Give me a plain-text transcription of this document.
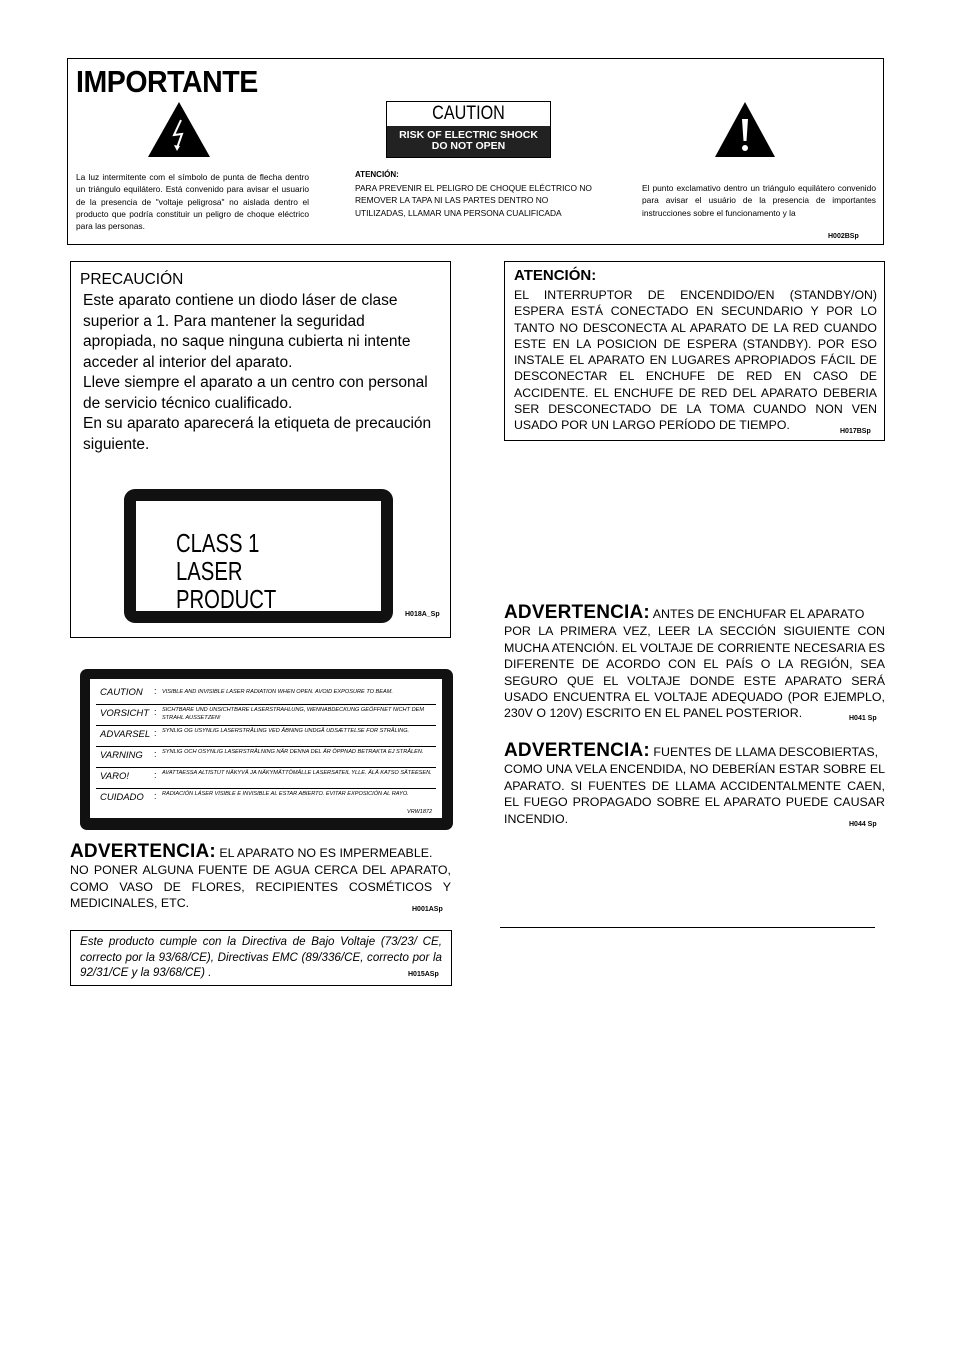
IMPORTANTE
CAUTION
RISK OF ELECTRIC SHOCK
DO NOT OPEN
La luz intermitente com el símbolo de punta de flecha dentro un triángulo equilátero. Está convenido para avisar el usuario de la presencia de "voltaje peligrosa" no aislada dentro el producto que podría constituir un peligro de choque eléctrico para las personas.
ATENCIÓN:
PARA PREVENIR EL PELIGRO DE CHOQUE ELÉCTRICO NO REMOVER LA TAPA NI LAS PARTES DENTRO NO UTILIZADAS, LLAMAR UNA PERSONA CUALIFICADA
El punto exclamativo dentro un triángulo equilátero convenido para avisar el usuário de la presencia de importantes instrucciones sobre el funcionamento y la
H002BSp
PRECAUCIÓN
Este aparato contiene un diodo láser de clase
superior a 1. Para mantener la seguridad
apropiada, no saque ninguna cubierta ni intente
acceder al interior del aparato.
Lleve siempre el aparato a un centro con personal
de servicio técnico cualificado.
En su aparato aparecerá la etiqueta de precaución
siguiente.
CLASS 1
LASER PRODUCT
H018A_Sp
CAUTION : VISIBLE AND INVISIBLE LASER RADIATION WHEN OPEN. AVOID EXPOSURE TO BEAM.
VORSICHT : SICHTBARE UND UNSICHTBARE LASERSTRAHLUNG, WENNABDECKUNG GEÖFFNET NICHT DEM STRAHL AUSSETZEN!
ADVARSEL : SYNLIG OG USYNLIG LASERSTRÅLING VED ÅBNING UNDGÅ UDSÆTTELSE FOR STRÅLING.
VARNING : SYNLIG OCH OSYNLIG LASERSTRÅLNING NÄR DENNA DEL ÄR ÖPPNAD BETRAKTA EJ STRÅLEN.
VARO!	: AVATTAESSA ALTISTUT NÄKYVÄ JA NÄKYMÄTTÖMÄLLE LASERSATEIL YLLE. ÄLÄ KATSO SÄTEESEN.
CUIDADO : RADIACIÓN LÁSER VISIBLE E INVISIBLE AL ESTAR ABIERTO. EVITAR EXPOSICIÓN AL RAYO.
VRW1872
ADVERTENCIA: EL APARATO NO ES IMPERMEABLE.
NO PONER ALGUNA FUENTE DE AGUA CERCA DEL APARATO, COMO VASO DE FLORES, RECIPIENTES COSMÉTICOS Y MEDICINALES, ETC.	H001ASp
Este producto cumple con la Directiva de Bajo Voltaje (73/23/ CE, correcto por la 93/68/CE), Directivas EMC (89/336/CE, correcto por la 92/31/CE y la 93/68/CE) .	H015ASp
ATENCIÓN:
EL INTERRUPTOR DE ENCENDIDO/EN (STANDBY/ON) ESPERA ESTÁ CONECTADO EN SECUNDARIO Y POR LO TANTO NO DESCONECTA AL APARATO DE LA RED CUANDO ESTE EN LA POSICION DE ESPERA (STANDBY). POR ESO INSTALE EL APARATO EN LUGARES APROPIADOS FÁCIL DE DESCONECTAR EL ENCHUFE DE RED EN CASO DE ACCIDENTE. EL ENCHUFE DE RED DEL APARATO DEBERIA SER DESCONECTADO DE LA TOMA CUANDO NON VEN USADO POR UN LARGO PERÍODO DE TIEMPO.	H017BSp
ADVERTENCIA: ANTES DE ENCHUFAR EL APARATO
POR LA PRIMERA VEZ, LEER LA SECCIÓN SIGUIENTE CON MUCHA ATENCIÓN. EL VOLTAJE DE CORRIENTE NECESARIA ES DIFERENTE DE ACORDO CON EL PAÍS O LA REGIÓN, SEA SEGURO QUE EL VOLTAJE DONDE ESTE APARATO SERÁ USADO ENCUENTRA EL VOLTAJE ADEQUADO (POR EJEMPLO, 230V O 120V) ESCRITO EN EL PANEL POSTERIOR.	H041 Sp
ADVERTENCIA: FUENTES DE LLAMA DESCOBIERTAS,
COMO UNA VELA ENCENDIDA, NO DEBERÍAN ESTAR SOBRE EL APARATO. SI FUENTES DE LLAMA ACCIDENTALMENTE CAEN, EL FUEGO PROPAGADO SOBRE EL APARATO PUEDE CAUSAR INCENDIO.	H044 Sp
